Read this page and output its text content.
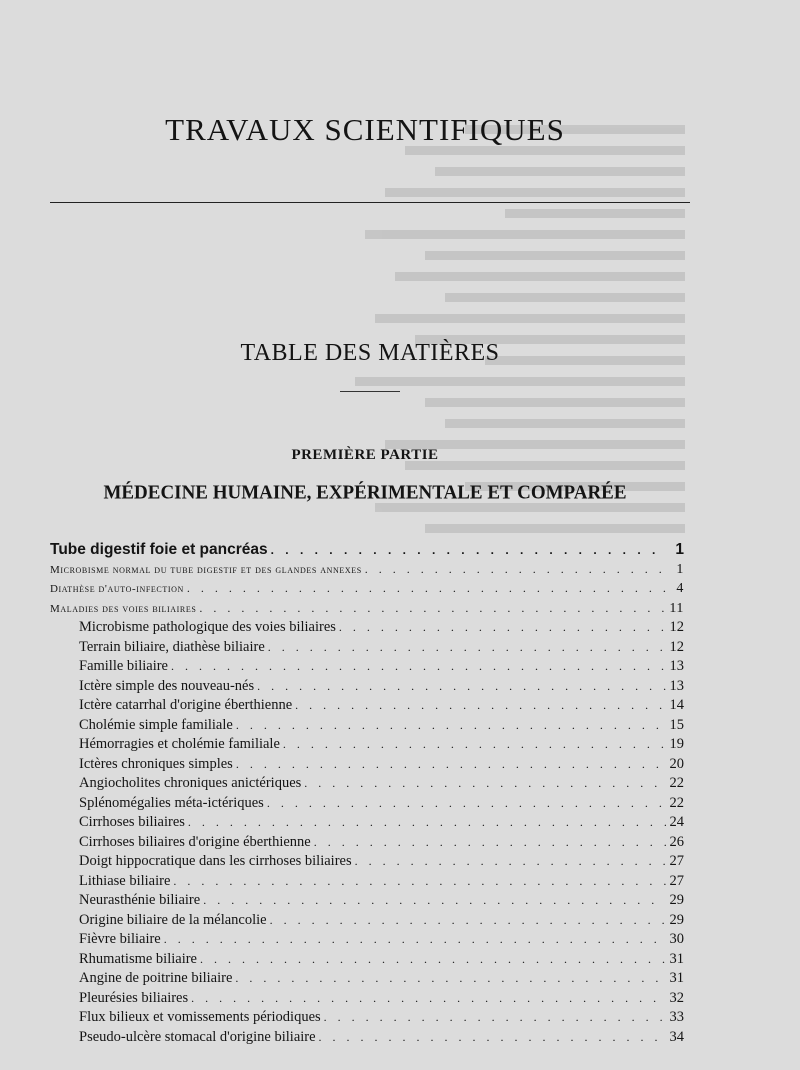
TRAVAUX SCIENTIFIQUES
TABLE DES MATIÈRES
PREMIÈRE PARTIE
MÉDECINE HUMAINE, EXPÉRIMENTALE ET COMPARÉE
Tube digestif foie et pancréas . . .	1
Microbisme normal du tube digestif et des glandes annexes . . .	1
Diathèse d'auto-infection . . .	4
Maladies des voies biliaires . . .	11
Microbisme pathologique des voies biliaires . . .	12
Terrain biliaire, diathèse biliaire . . .	12
Famille biliaire . . .	13
Ictère simple des nouveau-nés . . .	13
Ictère catarrhal d'origine éberthienne . . .	14
Cholémie simple familiale . . .	15
Hémorragies et cholémie familiale . . .	19
Ictères chroniques simples . . .	20
Angiocholites chroniques anictériques . . .	22
Splénomégalies méta-ictériques . . .	22
Cirrhoses biliaires . . .	24
Cirrhoses biliaires d'origine éberthienne . . .	26
Doigt hippocratique dans les cirrhoses biliaires . . .	27
Lithiase biliaire . . .	27
Neurasthénie biliaire . . .	29
Origine biliaire de la mélancolie . . .	29
Fièvre biliaire . . .	30
Rhumatisme biliaire . . .	31
Angine de poitrine biliaire . . .	31
Pleurésies biliaires . . .	32
Flux bilieux et vomissements périodiques . . .	33
Pseudo-ulcère stomacal d'origine biliaire . . .	34
